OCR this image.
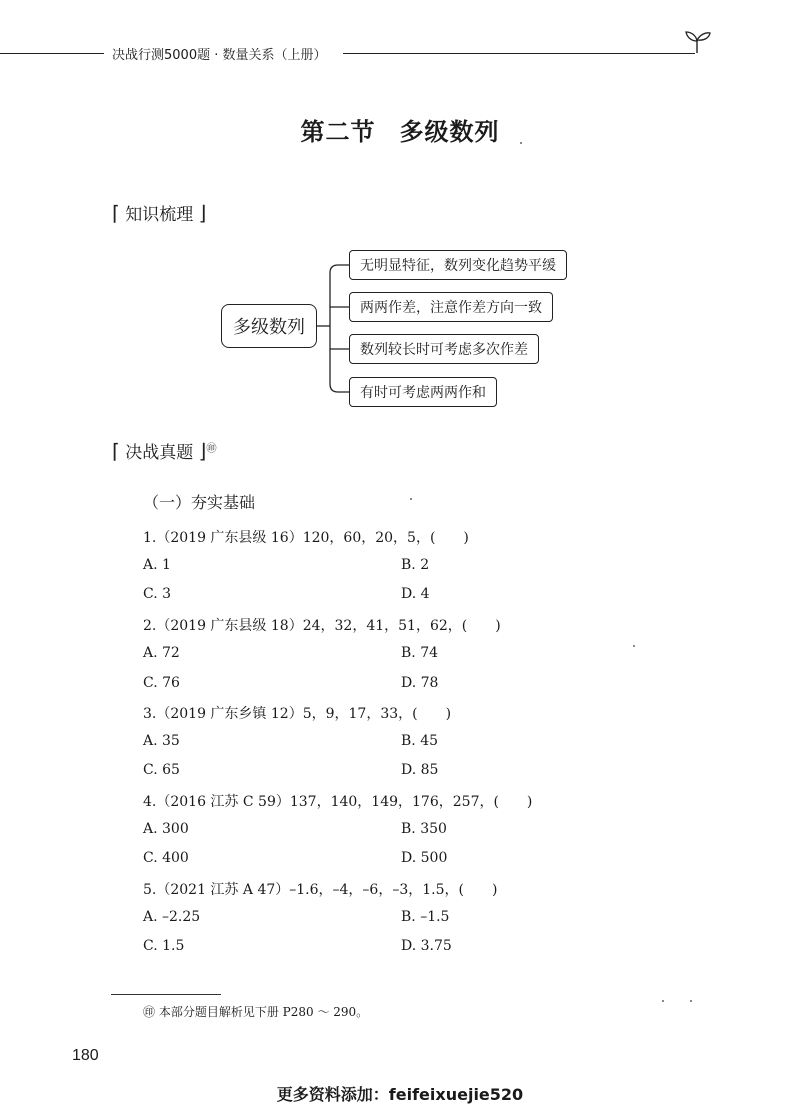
决战行测5000题 · 数量关系（上册）
第二节 多级数列
⌈ 知识梳理 ⌋
多级数列
无明显特征，数列变化趋势平缓
两两作差，注意作差方向一致
数列较长时可考虑多次作差
有时可考虑两两作和
⌈ 决战真题 ⌋㊞
（一）夯实基础
1.（2019 广东县级 16）120，60，20，5，(　　)
A. 1	B. 2
C. 3	D. 4
2.（2019 广东县级 18）24，32，41，51，62，(　　)
A. 72	B. 74
C. 76	D. 78
3.（2019 广东乡镇 12）5，9，17，33，(　　)
A. 35	B. 45
C. 65	D. 85
4.（2016 江苏 C 59）137，140，149，176，257，(　　)
A. 300	B. 350
C. 400	D. 500
5.（2021 江苏 A 47）–1.6，–4，–6，–3，1.5，(　　)
A. –2.25	B. –1.5
C. 1.5	D. 3.75
㊞ 本部分题目解析见下册 P280 ～ 290。
180
更多资料添加：feifeixuejie520
